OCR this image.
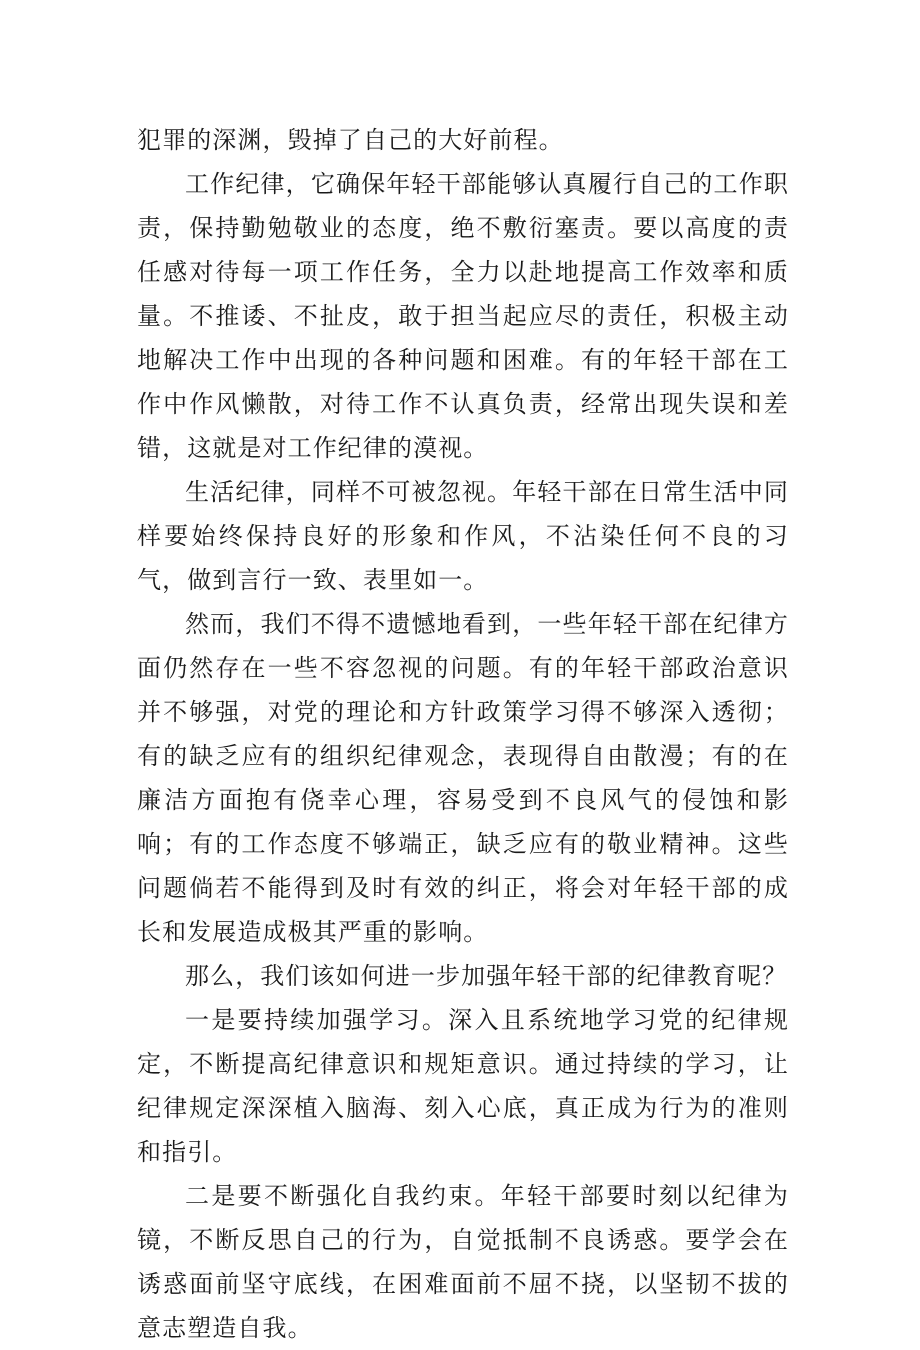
犯罪的深渊，毁掉了自己的大好前程。

工作纪律，它确保年轻干部能够认真履行自己的工作职责，保持勤勉敬业的态度，绝不敷衍塞责。要以高度的责任感对待每一项工作任务，全力以赴地提高工作效率和质量。不推诿、不扯皮，敢于担当起应尽的责任，积极主动地解决工作中出现的各种问题和困难。有的年轻干部在工作中作风懒散，对待工作不认真负责，经常出现失误和差错，这就是对工作纪律的漠视。

生活纪律，同样不可被忽视。年轻干部在日常生活中同样要始终保持良好的形象和作风，不沾染任何不良的习气，做到言行一致、表里如一。

然而，我们不得不遗憾地看到，一些年轻干部在纪律方面仍然存在一些不容忽视的问题。有的年轻干部政治意识并不够强，对党的理论和方针政策学习得不够深入透彻；有的缺乏应有的组织纪律观念，表现得自由散漫；有的在廉洁方面抱有侥幸心理，容易受到不良风气的侵蚀和影响；有的工作态度不够端正，缺乏应有的敬业精神。这些问题倘若不能得到及时有效的纠正，将会对年轻干部的成长和发展造成极其严重的影响。

那么，我们该如何进一步加强年轻干部的纪律教育呢？

一是要持续加强学习。深入且系统地学习党的纪律规定，不断提高纪律意识和规矩意识。通过持续的学习，让纪律规定深深植入脑海、刻入心底，真正成为行为的准则和指引。

二是要不断强化自我约束。年轻干部要时刻以纪律为镜，不断反思自己的行为，自觉抵制不良诱惑。要学会在诱惑面前坚守底线，在困难面前不屈不挠，以坚韧不拔的意志塑造自我。
